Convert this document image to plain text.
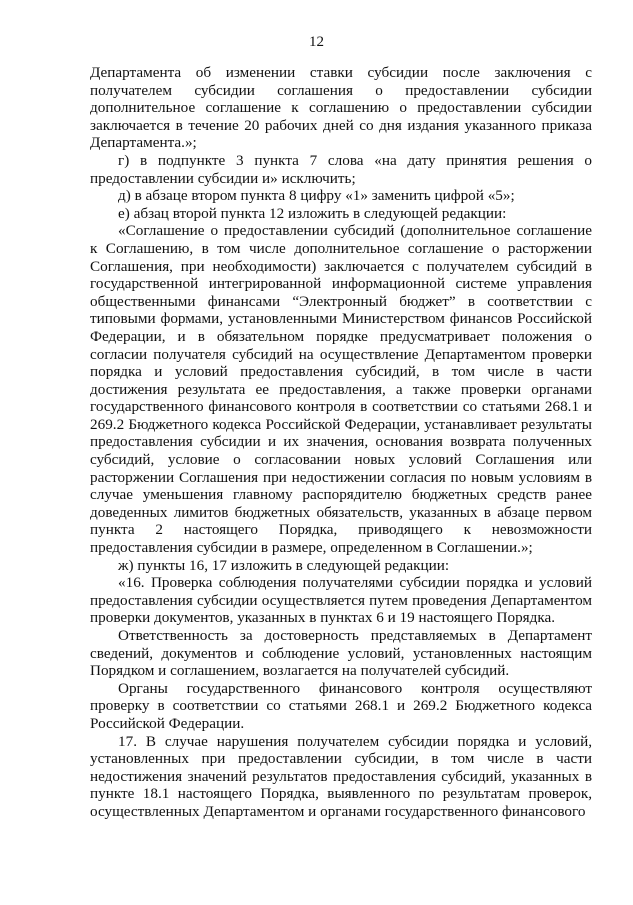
12

Департамента об изменении ставки субсидии после заключения с получателем субсидии соглашения о предоставлении субсидии дополнительное соглашение к соглашению о предоставлении субсидии заключается в течение 20 рабочих дней со дня издания указанного приказа Департамента.»;

г) в подпункте 3 пункта 7 слова «на дату принятия решения о предоставлении субсидии и» исключить;

д) в абзаце втором пункта 8 цифру «1» заменить цифрой «5»;

е) абзац второй пункта 12 изложить в следующей редакции:

«Соглашение о предоставлении субсидий (дополнительное соглашение к Соглашению, в том числе дополнительное соглашение о расторжении Соглашения, при необходимости) заключается с получателем субсидий в государственной интегрированной информационной системе управления общественными финансами “Электронный бюджет” в соответствии с типовыми формами, установленными Министерством финансов Российской Федерации, и в обязательном порядке предусматривает положения о согласии получателя субсидий на осуществление Департаментом проверки порядка и условий предоставления субсидий, в том числе в части достижения результата ее предоставления, а также проверки органами государственного финансового контроля в соответствии со статьями 268.1 и 269.2 Бюджетного кодекса Российской Федерации, устанавливает результаты предоставления субсидии и их значения, основания возврата полученных субсидий, условие о согласовании новых условий Соглашения или расторжении Соглашения при недостижении согласия по новым условиям в случае уменьшения главному распорядителю бюджетных средств ранее доведенных лимитов бюджетных обязательств, указанных в абзаце первом пункта 2 настоящего Порядка, приводящего к невозможности предоставления субсидии в размере, определенном в Соглашении.»;

ж) пункты 16, 17 изложить в следующей редакции:

«16. Проверка соблюдения получателями субсидии порядка и условий предоставления субсидии осуществляется путем проведения Департаментом проверки документов, указанных в пунктах 6 и 19 настоящего Порядка.

Ответственность за достоверность представляемых в Департамент сведений, документов и соблюдение условий, установленных настоящим Порядком и соглашением, возлагается на получателей субсидий.

Органы государственного финансового контроля осуществляют проверку в соответствии со статьями 268.1 и 269.2 Бюджетного кодекса Российской Федерации.

17. В случае нарушения получателем субсидии порядка и условий, установленных при предоставлении субсидии, в том числе в части недостижения значений результатов предоставления субсидий, указанных в пункте 18.1 настоящего Порядка, выявленного по результатам проверок, осуществленных Департаментом и органами государственного финансового
